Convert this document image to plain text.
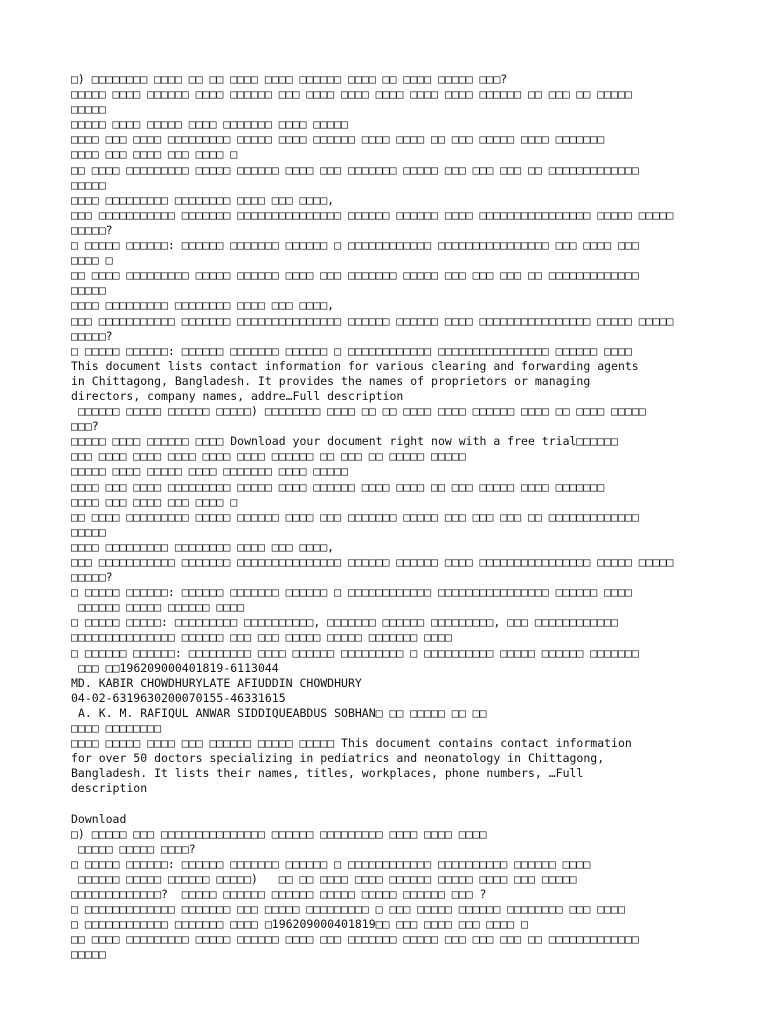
□) □□□□□□□□ □□□□ □□ □□ □□□□ □□□□ □□□□□□ □□□□ □□ □□□□ □□□□□ □□□?
□□□□□ □□□□ □□□□□□ □□□□ □□□□□□ □□□ □□□□ □□□□ □□□□ □□□□ □□□□ □□□□□□ □□ □□□ □□ □□□□□
□□□□□
□□□□□ □□□□ □□□□□ □□□□ □□□□□□□ □□□□ □□□□□
□□□□ □□□ □□□□ □□□□□□□□□ □□□□□ □□□□ □□□□□□ □□□□ □□□□ □□ □□□ □□□□□ □□□□ □□□□□□□
□□□□ □□□ □□□□ □□□ □□□□ □
□□ □□□□ □□□□□□□□□ □□□□□ □□□□□□ □□□□ □□□ □□□□□□□ □□□□□ □□□ □□□ □□□ □□ □□□□□□□□□□□□□
□□□□□
□□□□ □□□□□□□□□ □□□□□□□□ □□□□ □□□ □□□□,
□□□ □□□□□□□□□□□ □□□□□□□ □□□□□□□□□□□□□□□ □□□□□□ □□□□□□ □□□□ □□□□□□□□□□□□□□□□ □□□□□ □□□□□
□□□□□?
□ □□□□□ □□□□□□: □□□□□□ □□□□□□□ □□□□□□ □ □□□□□□□□□□□□ □□□□□□□□□□□□□□□□ □□□ □□□□ □□□
□□□□ □
□□ □□□□ □□□□□□□□□ □□□□□ □□□□□□ □□□□ □□□ □□□□□□□ □□□□□ □□□ □□□ □□□ □□ □□□□□□□□□□□□□
□□□□□
□□□□ □□□□□□□□□ □□□□□□□□ □□□□ □□□ □□□□,
□□□ □□□□□□□□□□□ □□□□□□□ □□□□□□□□□□□□□□□ □□□□□□ □□□□□□ □□□□ □□□□□□□□□□□□□□□□ □□□□□ □□□□□
□□□□□?
□ □□□□□ □□□□□□: □□□□□□ □□□□□□□ □□□□□□ □ □□□□□□□□□□□□ □□□□□□□□□□□□□□□□ □□□□□□ □□□□
This document lists contact information for various clearing and forwarding agents
in Chittagong, Bangladesh. It provides the names of proprietors or managing
directors, company names, addre…Full description
□□□□□□ □□□□□ □□□□□□ □□□□□) □□□□□□□□ □□□□ □□ □□ □□□□ □□□□ □□□□□□ □□□□ □□ □□□□ □□□□□
□□□?
□□□□□ □□□□ □□□□□□ □□□□ Download your document right now with a free trial□□□□□□
□□□ □□□□ □□□□ □□□□ □□□□ □□□□ □□□□□□ □□ □□□ □□ □□□□□ □□□□□
□□□□□ □□□□ □□□□□ □□□□ □□□□□□□ □□□□ □□□□□
□□□□ □□□ □□□□ □□□□□□□□□ □□□□□ □□□□ □□□□□□ □□□□ □□□□ □□ □□□ □□□□□ □□□□ □□□□□□□
□□□□ □□□ □□□□ □□□ □□□□ □
□□ □□□□ □□□□□□□□□ □□□□□ □□□□□□ □□□□ □□□ □□□□□□□ □□□□□ □□□ □□□ □□□ □□ □□□□□□□□□□□□□
□□□□□
□□□□ □□□□□□□□□ □□□□□□□□ □□□□ □□□ □□□□,
□□□ □□□□□□□□□□□ □□□□□□□ □□□□□□□□□□□□□□□ □□□□□□ □□□□□□ □□□□ □□□□□□□□□□□□□□□□ □□□□□ □□□□□
□□□□□?
□ □□□□□ □□□□□□: □□□□□□ □□□□□□□ □□□□□□ □ □□□□□□□□□□□□ □□□□□□□□□□□□□□□□ □□□□□□ □□□□
□□□□□□ □□□□□ □□□□□□ □□□□
□ □□□□□ □□□□□: □□□□□□□□□ □□□□□□□□□□, □□□□□□□ □□□□□□ □□□□□□□□□, □□□ □□□□□□□□□□□□
□□□□□□□□□□□□□□□ □□□□□□ □□□ □□□ □□□□□ □□□□□ □□□□□□□ □□□□
□ □□□□□□ □□□□□□: □□□□□□□□□ □□□□ □□□□□□ □□□□□□□□□ □ □□□□□□□□□□ □□□□□ □□□□□□ □□□□□□□
□□□ □□196209000401819-6113044
MD. KABIR CHOWDHURYLATE AFIUDDIN CHOWDHURY
04-02-6319630200070155-46331615
A. K. M. RAFIQUL ANWAR SIDDIQUEABDUS SOBHAN□ □□ □□□□□ □□ □□
□□□□ □□□□□□□□
□□□□ □□□□□ □□□□ □□□ □□□□□□ □□□□□ □□□□□ This document contains contact information
for over 50 doctors specializing in pediatrics and neonatology in Chittagong,
Bangladesh. It lists their names, titles, workplaces, phone numbers, …Full
description
Download
□) □□□□□ □□□ □□□□□□□□□□□□□□□ □□□□□□ □□□□□□□□□ □□□□ □□□□ □□□□
□□□□□ □□□□□ □□□□?
□ □□□□□ □□□□□□: □□□□□□ □□□□□□□ □□□□□□ □ □□□□□□□□□□□□ □□□□□□□□□□ □□□□□□ □□□□
□□□□□□ □□□□□ □□□□□□ □□□□□)   □□ □□ □□□□ □□□□ □□□□□□ □□□□□ □□□□ □□□ □□□□□
□□□□□□□□□□□□□?  □□□□□ □□□□□□ □□□□□□ □□□□□ □□□□□ □□□□□□ □□□ ?
□ □□□□□□□□□□□□□ □□□□□□□ □□□ □□□□□ □□□□□□□□□ □ □□□ □□□□□ □□□□□□ □□□□□□□□ □□□ □□□□
□ □□□□□□□□□□□□ □□□□□□□ □□□□ □196209000401819□□ □□□ □□□□ □□□ □□□□ □
□□ □□□□ □□□□□□□□□ □□□□□ □□□□□□ □□□□ □□□ □□□□□□□ □□□□□ □□□ □□□ □□□ □□ □□□□□□□□□□□□□
□□□□□
